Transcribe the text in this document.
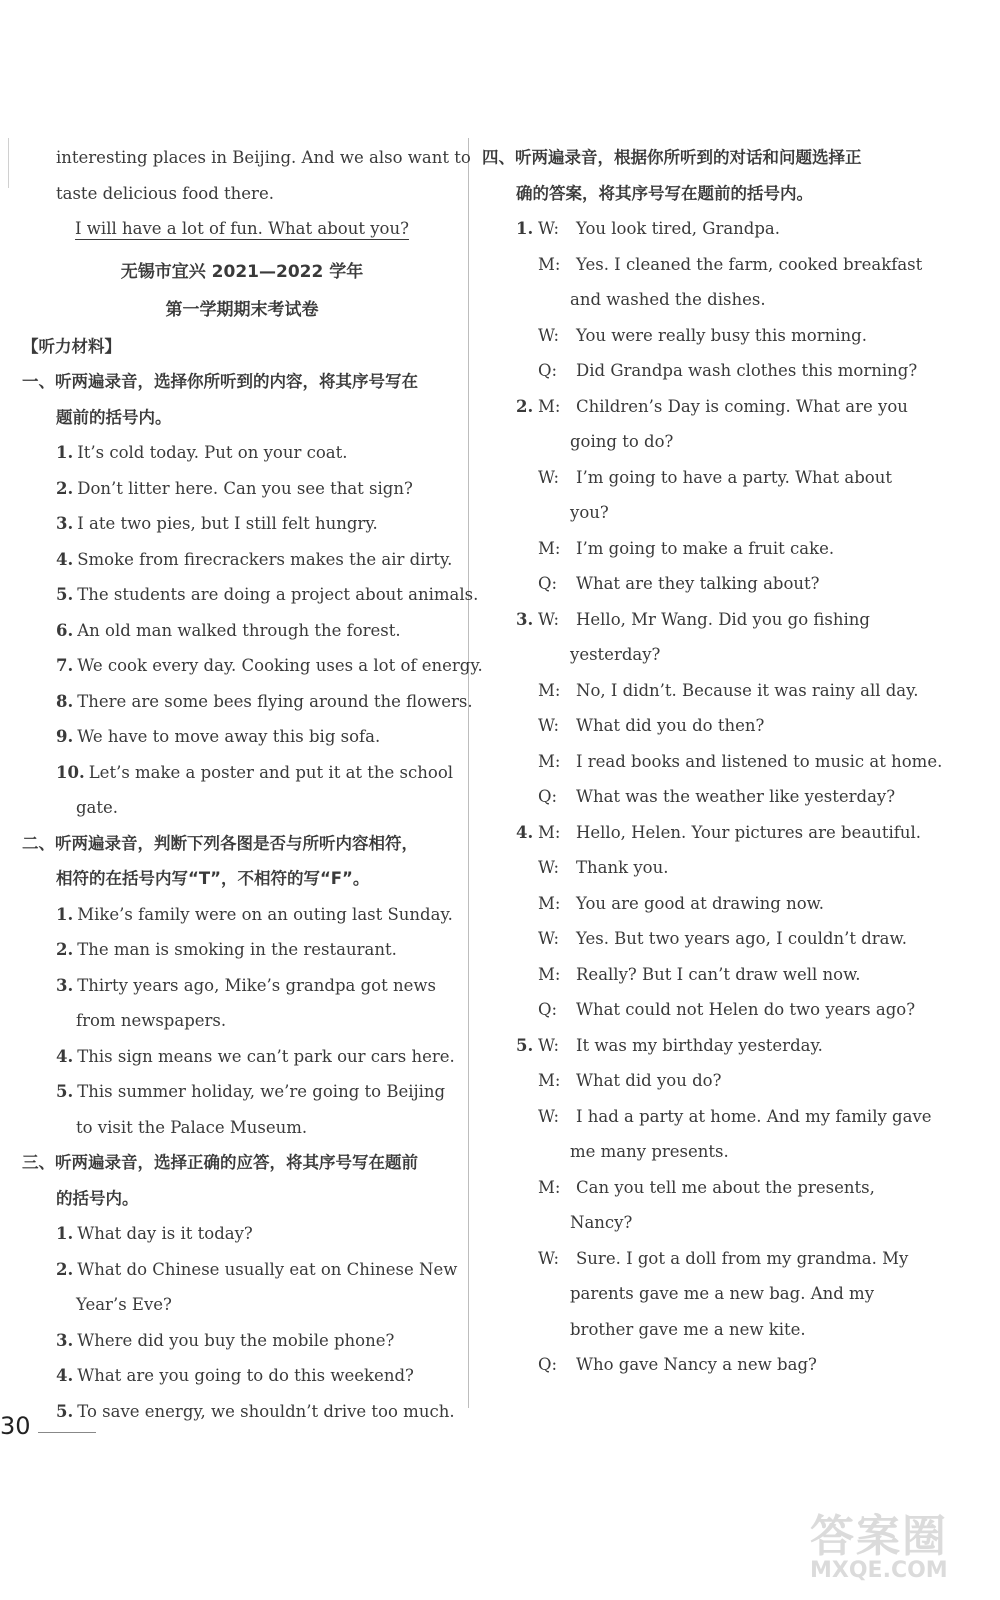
interesting places in Beijing. And we also want to
taste delicious food there.
I will have a lot of fun. What about you?
无锡市宜兴 2021—2022 学年
第一学期期末考试卷
【听力材料】
一、听两遍录音，选择你所听到的内容，将其序号写在
题前的括号内。
1. It’s cold today. Put on your coat.
2. Don’t litter here. Can you see that sign?
3. I ate two pies, but I still felt hungry.
4. Smoke from firecrackers makes the air dirty.
5. The students are doing a project about animals.
6. An old man walked through the forest.
7. We cook every day. Cooking uses a lot of energy.
8. There are some bees flying around the flowers.
9. We have to move away this big sofa.
10. Let’s make a poster and put it at the school
gate.
二、听两遍录音，判断下列各图是否与所听内容相符，
相符的在括号内写“T”，不相符的写“F”。
1. Mike’s family were on an outing last Sunday.
2. The man is smoking in the restaurant.
3. Thirty years ago, Mike’s grandpa got news
from newspapers.
4. This sign means we can’t park our cars here.
5. This summer holiday, we’re going to Beijing
to visit the Palace Museum.
三、听两遍录音，选择正确的应答，将其序号写在题前
的括号内。
1. What day is it today?
2. What do Chinese usually eat on Chinese New
Year’s Eve?
3. Where did you buy the mobile phone?
4. What are you going to do this weekend?
5. To save energy, we shouldn’t drive too much.
四、听两遍录音，根据你所听到的对话和问题选择正
确的答案，将其序号写在题前的括号内。
1. W: You look tired, Grandpa.
M: Yes. I cleaned the farm, cooked breakfast
and washed the dishes.
W: You were really busy this morning.
Q: Did Grandpa wash clothes this morning?
2. M: Children’s Day is coming. What are you
going to do?
W: I’m going to have a party. What about
you?
M: I’m going to make a fruit cake.
Q: What are they talking about?
3. W: Hello, Mr Wang. Did you go fishing
yesterday?
M: No, I didn’t. Because it was rainy all day.
W: What did you do then?
M: I read books and listened to music at home.
Q: What was the weather like yesterday?
4. M: Hello, Helen. Your pictures are beautiful.
W: Thank you.
M: You are good at drawing now.
W: Yes. But two years ago, I couldn’t draw.
M: Really? But I can’t draw well now.
Q: What could not Helen do two years ago?
5. W: It was my birthday yesterday.
M: What did you do?
W: I had a party at home. And my family gave
me many presents.
M: Can you tell me about the presents,
Nancy?
W: Sure. I got a doll from my grandma. My
parents gave me a new bag. And my
brother gave me a new kite.
Q: Who gave Nancy a new bag?
30
答案圈
MXQE.COM
